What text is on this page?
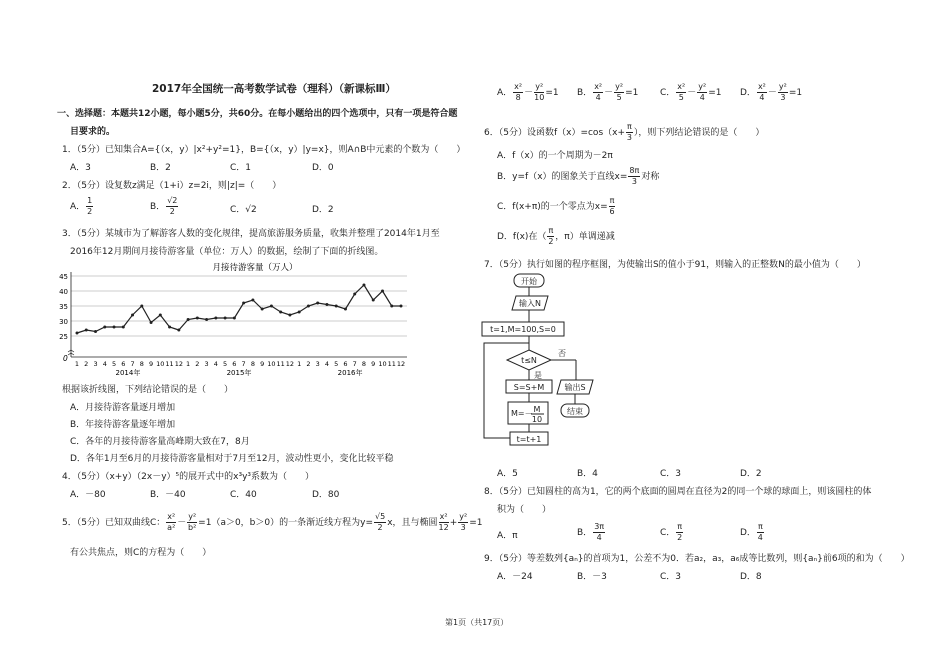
2017年全国统一高考数学试卷（理科）（新课标Ⅲ）
一、选择题：本题共12小题，每小题5分，共60分。在每小题给出的四个选项中，只有一项是符合题
目要求的。
1．（5分）已知集合A={（x，y）|x²+y²=1}，B={（x，y）|y=x}，则A∩B中元素的个数为（　　）
A．3	B．2	C．1	D．0
2．（5分）设复数z满足（1+i）z=2i，则|z|=（　　）
A． $\frac{1}{2}$	B． $\frac{√2}{2}$	C．√2	D．2
3．（5分）某城市为了解游客人数的变化规律，提高旅游服务质量，收集并整理了2014年1月至
2016年12月期间月接待游客量（单位：万人）的数据，绘制了下面的折线图。
月接待游客量（万人）
25
30
35
40
45
0
1 2 3 4 5 6 7 8 9 10 11 12 1 2 3 4 5 6 7 8 9 10 11 12 1 2 3 4 5 6 7 8 9 10 11 12
2014年	2015年	2016年
根据该折线图，下列结论错误的是（　　）
A．月接待游客量逐月增加
B．年接待游客量逐年增加
C．各年的月接待游客量高峰期大致在7，8月
D．各年1月至6月的月接待游客量相对于7月至12月，波动性更小，变化比较平稳
4．（5分）（x+y）（2x－y）⁵的展开式中的x³y³系数为（　　）
A．－80	B．－40	C．40	D．80
5．（5分）已知双曲线C： $\frac{\text{x²}}{\text{a²}} - \frac{\text{y²}}{\text{b²}} =1(a>0$，b＞0）的一条渐近线方程为$y= \frac{√5}{2}$ x，且与椭圆 $\frac{\text{x²}}{12} + \frac{\text{y²}}{3} =1$
有公共焦点，则C的方程为（　　）
A． $\frac{\text{x²}}{8} - \frac{\text{y²}}{10} =1$ B． $\frac{\text{x²}}{4} - \frac{\text{y²}}{5} =1$ C． $\frac{\text{x²}}{5} - \frac{\text{y²}}{4} =1$ D． $\frac{\text{x²}}{4} - \frac{\text{y²}}{3} =1$
6．（5分）设函数$f(x)=\cos(x+ \frac{\pi}{3}$ ），则下列结论错误的是（　　）
A．f（x）的一个周期为－2π
B．y=f（x）的图象关于直线$x= \frac{8\pi}{3}$ 对称
C．f(x+π)的一个零点为$x= \frac{\pi}{6}$
D．f(x)在（ $\frac{\pi}{2}$ ，π）单调递减
7．（5分）执行如图的程序框图，为使输出S的值小于91，则输入的正整数N的最小值为（　　）
开始
输入N
t=1,M=100,S=0
t≤N
否
输出S
结束
是
S=S+M
M=－ M
10
t=t+1
A．5	B．4	C．3	D．2
8．（5分）已知圆柱的高为1，它的两个底面的圆周在直径为2的同一个球的球面上，则该圆柱的体
积为（　　）
A．π	B． $\frac{3\pi}{4}$	C． $\frac{\pi}{2}$	D． $\frac{\pi}{4}$
9．（5分）等差数列{aₙ}的首项为1，公差不为0．若a₂，a₃，a₆成等比数列，则{aₙ}前6项的和为（　　）
A．－24	B．－3	C．3	D．8
第1页（共17页）
